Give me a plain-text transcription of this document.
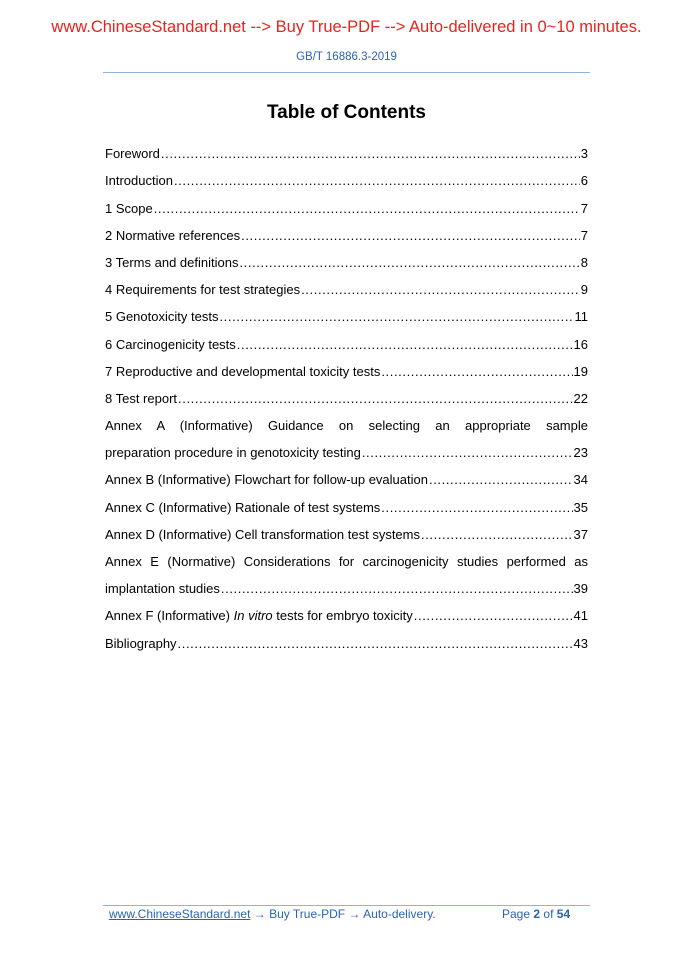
www.ChineseStandard.net --> Buy True-PDF --> Auto-delivered in 0~10 minutes.
GB/T 16886.3-2019
Table of Contents
Foreword .....	3
Introduction .....	6
1 Scope .....	7
2 Normative references .....	7
3 Terms and definitions .....	8
4 Requirements for test strategies .....	9
5 Genotoxicity tests .....	11
6 Carcinogenicity tests .....	16
7 Reproductive and developmental toxicity tests .....	19
8 Test report .....	22
Annex A (Informative) Guidance on selecting an appropriate sample
preparation procedure in genotoxicity testing .....	23
Annex B (Informative) Flowchart for follow-up evaluation .....	34
Annex C (Informative) Rationale of test systems .....	35
Annex D (Informative) Cell transformation test systems .....	37
Annex E (Normative) Considerations for carcinogenicity studies performed as
implantation studies .....	39
Annex F (Informative) In vitro tests for embryo toxicity .....	41
Bibliography .....	43
www.ChineseStandard.net → Buy True-PDF → Auto-delivery.	Page 2 of 54
